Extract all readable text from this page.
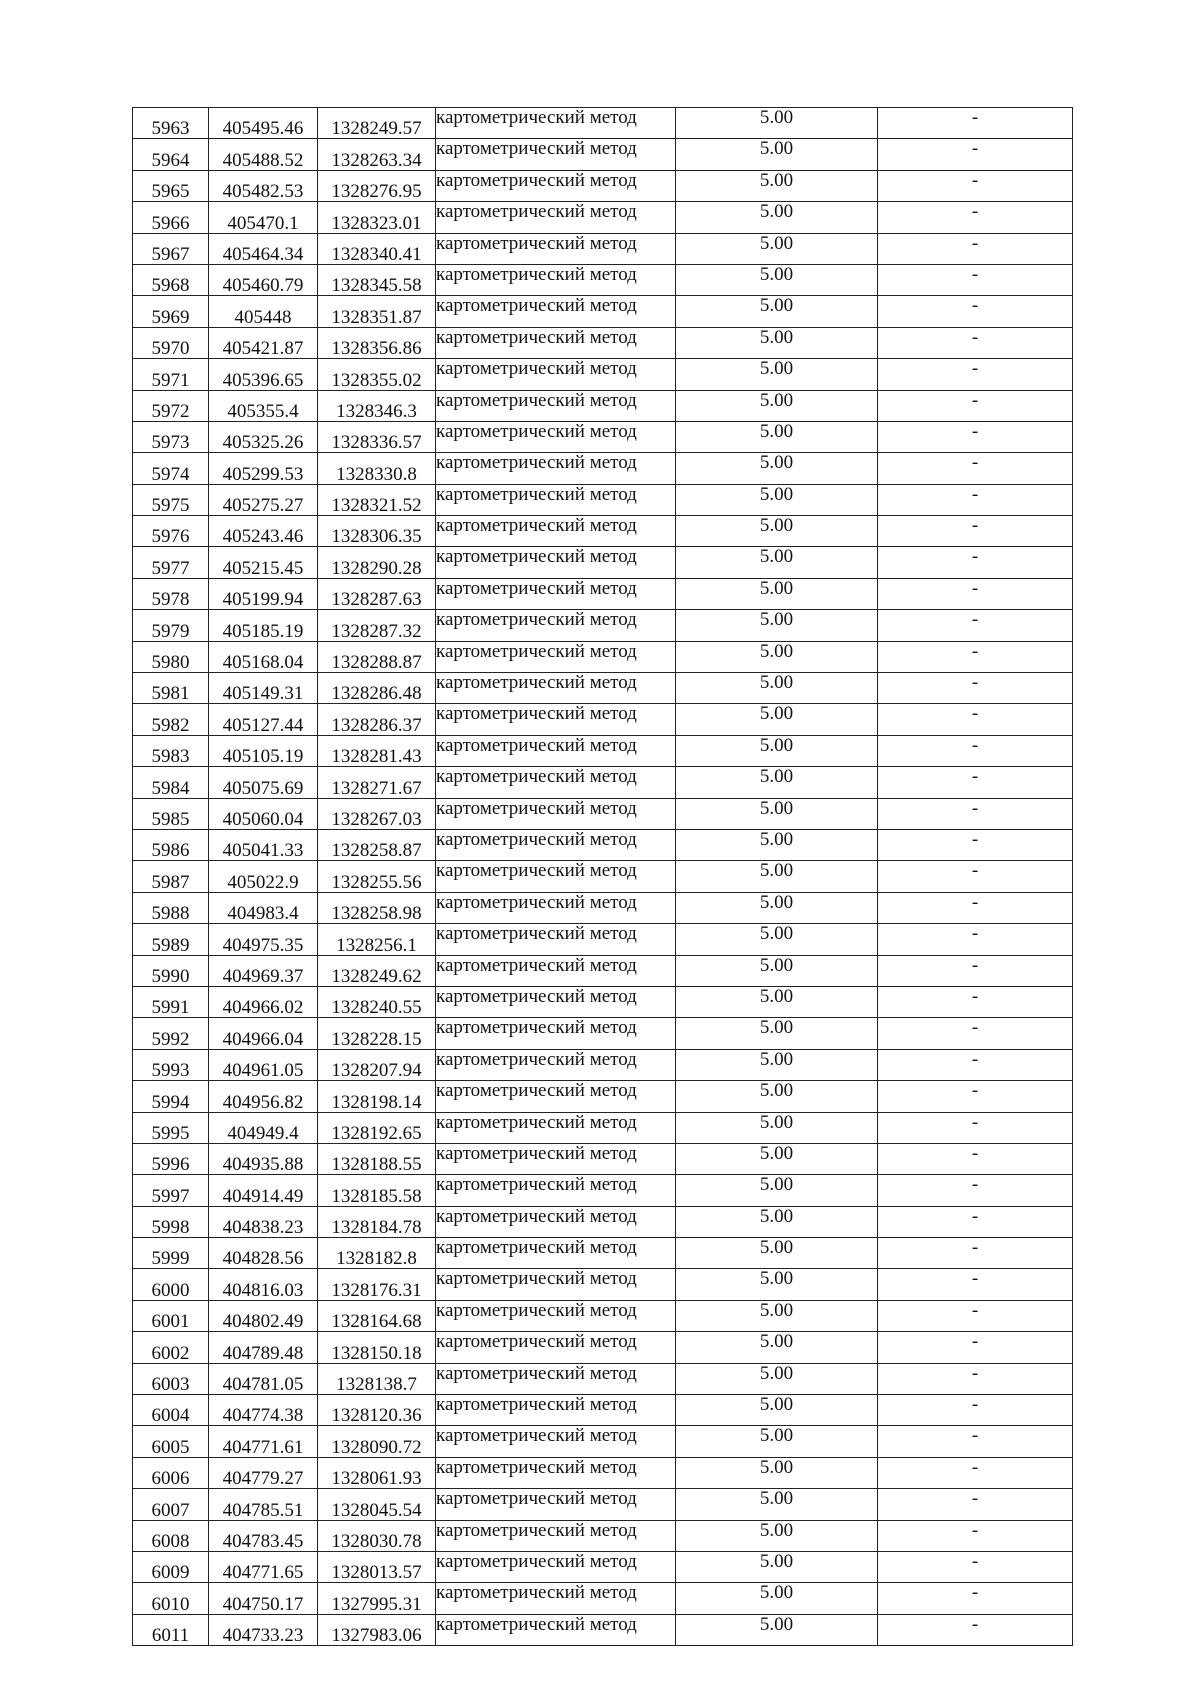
5963	405495.46	1328249.57	картометрический метод	5.00	-
5964	405488.52	1328263.34	картометрический метод	5.00	-
5965	405482.53	1328276.95	картометрический метод	5.00	-
5966	405470.1	1328323.01	картометрический метод	5.00	-
5967	405464.34	1328340.41	картометрический метод	5.00	-
5968	405460.79	1328345.58	картометрический метод	5.00	-
5969	405448	1328351.87	картометрический метод	5.00	-
5970	405421.87	1328356.86	картометрический метод	5.00	-
5971	405396.65	1328355.02	картометрический метод	5.00	-
5972	405355.4	1328346.3	картометрический метод	5.00	-
5973	405325.26	1328336.57	картометрический метод	5.00	-
5974	405299.53	1328330.8	картометрический метод	5.00	-
5975	405275.27	1328321.52	картометрический метод	5.00	-
5976	405243.46	1328306.35	картометрический метод	5.00	-
5977	405215.45	1328290.28	картометрический метод	5.00	-
5978	405199.94	1328287.63	картометрический метод	5.00	-
5979	405185.19	1328287.32	картометрический метод	5.00	-
5980	405168.04	1328288.87	картометрический метод	5.00	-
5981	405149.31	1328286.48	картометрический метод	5.00	-
5982	405127.44	1328286.37	картометрический метод	5.00	-
5983	405105.19	1328281.43	картометрический метод	5.00	-
5984	405075.69	1328271.67	картометрический метод	5.00	-
5985	405060.04	1328267.03	картометрический метод	5.00	-
5986	405041.33	1328258.87	картометрический метод	5.00	-
5987	405022.9	1328255.56	картометрический метод	5.00	-
5988	404983.4	1328258.98	картометрический метод	5.00	-
5989	404975.35	1328256.1	картометрический метод	5.00	-
5990	404969.37	1328249.62	картометрический метод	5.00	-
5991	404966.02	1328240.55	картометрический метод	5.00	-
5992	404966.04	1328228.15	картометрический метод	5.00	-
5993	404961.05	1328207.94	картометрический метод	5.00	-
5994	404956.82	1328198.14	картометрический метод	5.00	-
5995	404949.4	1328192.65	картометрический метод	5.00	-
5996	404935.88	1328188.55	картометрический метод	5.00	-
5997	404914.49	1328185.58	картометрический метод	5.00	-
5998	404838.23	1328184.78	картометрический метод	5.00	-
5999	404828.56	1328182.8	картометрический метод	5.00	-
6000	404816.03	1328176.31	картометрический метод	5.00	-
6001	404802.49	1328164.68	картометрический метод	5.00	-
6002	404789.48	1328150.18	картометрический метод	5.00	-
6003	404781.05	1328138.7	картометрический метод	5.00	-
6004	404774.38	1328120.36	картометрический метод	5.00	-
6005	404771.61	1328090.72	картометрический метод	5.00	-
6006	404779.27	1328061.93	картометрический метод	5.00	-
6007	404785.51	1328045.54	картометрический метод	5.00	-
6008	404783.45	1328030.78	картометрический метод	5.00	-
6009	404771.65	1328013.57	картометрический метод	5.00	-
6010	404750.17	1327995.31	картометрический метод	5.00	-
6011	404733.23	1327983.06	картометрический метод	5.00	-
